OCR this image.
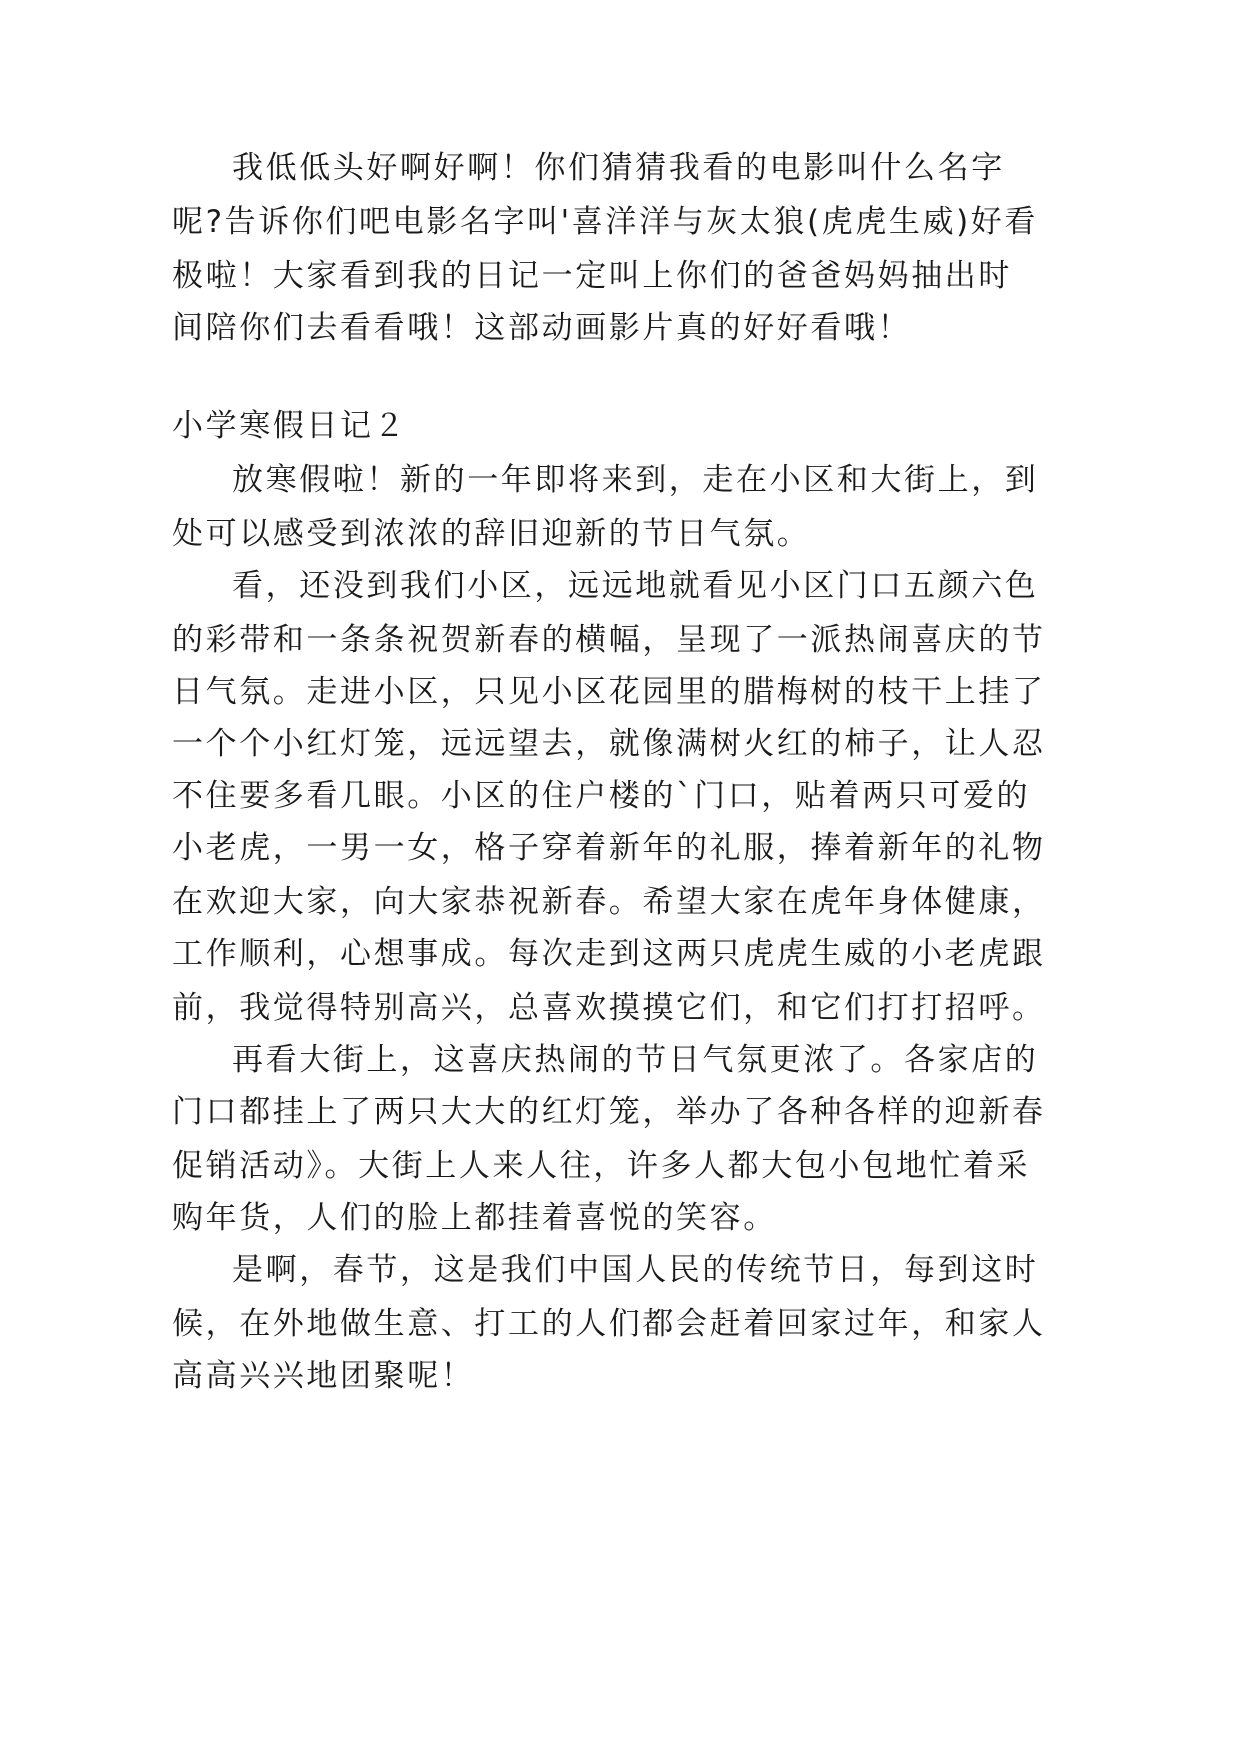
我低低头好啊好啊！你们猜猜我看的电影叫什么名字

呢?告诉你们吧电影名字叫'喜洋洋与灰太狼(虎虎生威)好看

极啦！大家看到我的日记一定叫上你们的爸爸妈妈抽出时

间陪你们去看看哦！这部动画影片真的好好看哦！

小学寒假日记２

放寒假啦！新的一年即将来到，走在小区和大街上，到

处可以感受到浓浓的辞旧迎新的节日气氛。

看，还没到我们小区，远远地就看见小区门口五颜六色

的彩带和一条条祝贺新春的横幅，呈现了一派热闹喜庆的节

日气氛。走进小区，只见小区花园里的腊梅树的枝干上挂了

一个个小红灯笼，远远望去，就像满树火红的柿子，让人忍

不住要多看几眼。小区的住户楼的`门口，贴着两只可爱的

小老虎，一男一女，格子穿着新年的礼服，捧着新年的礼物

在欢迎大家，向大家恭祝新春。希望大家在虎年身体健康，

工作顺利，心想事成。每次走到这两只虎虎生威的小老虎跟

前，我觉得特别高兴，总喜欢摸摸它们，和它们打打招呼。

再看大街上，这喜庆热闹的节日气氛更浓了。各家店的

门口都挂上了两只大大的红灯笼，举办了各种各样的迎新春

促销活动》。大街上人来人往，许多人都大包小包地忙着采

购年货，人们的脸上都挂着喜悦的笑容。

是啊，春节，这是我们中国人民的传统节日，每到这时

候，在外地做生意、打工的人们都会赶着回家过年，和家人

高高兴兴地团聚呢！
